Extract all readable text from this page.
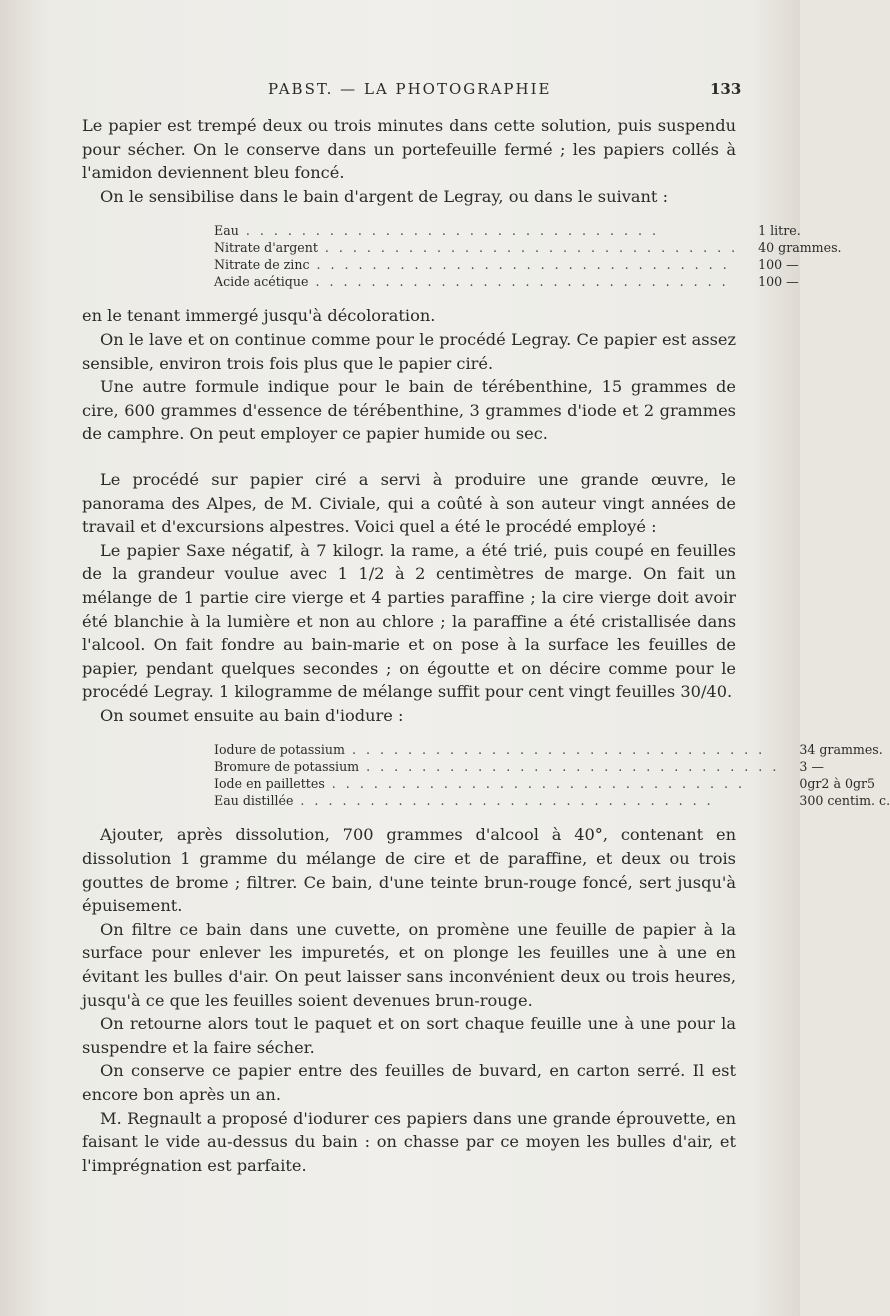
PABST. — LA PHOTOGRAPHIE	133

Le papier est trempé deux ou trois minutes dans cette solution, puis suspendu pour sécher. On le conserve dans un portefeuille fermé ; les papiers collés à l'amidon deviennent bleu foncé.

On le sensibilise dans le bain d'argent de Legray, ou dans le suivant :

Eau . . . . . . . . . . . . . . . . . . . . . . . . . . . . . .	1 litre.
Nitrate d'argent . . . . . . . . . . . . . . . . . . . . . . . . . . . . . .	40 grammes.
Nitrate de zinc . . . . . . . . . . . . . . . . . . . . . . . . . . . . . .	100 —
Acide acétique . . . . . . . . . . . . . . . . . . . . . . . . . . . . . .	100 —

en le tenant immergé jusqu'à décoloration.

On le lave et on continue comme pour le procédé Legray. Ce papier est assez sensible, environ trois fois plus que le papier ciré.

Une autre formule indique pour le bain de térébenthine, 15 grammes de cire, 600 grammes d'essence de térébenthine, 3 grammes d'iode et 2 grammes de camphre. On peut employer ce papier humide ou sec.

Le procédé sur papier ciré a servi à produire une grande œuvre, le panorama des Alpes, de M. Civiale, qui a coûté à son auteur vingt années de travail et d'excursions alpestres. Voici quel a été le procédé employé :

Le papier Saxe négatif, à 7 kilogr. la rame, a été trié, puis coupé en feuilles de la grandeur voulue avec 1 1/2 à 2 centimètres de marge. On fait un mélange de 1 partie cire vierge et 4 parties paraffine ; la cire vierge doit avoir été blanchie à la lumière et non au chlore ; la paraffine a été cristallisée dans l'alcool. On fait fondre au bain-marie et on pose à la surface les feuilles de papier, pendant quelques secondes ; on égoutte et on décire comme pour le procédé Legray. 1 kilogramme de mélange suffit pour cent vingt feuilles 30/40.

On soumet ensuite au bain d'iodure :

Iodure de potassium . . . . . . . . . . . . . . . . . . . . . . . . . . . . . .	34 grammes.
Bromure de potassium . . . . . . . . . . . . . . . . . . . . . . . . . . . . . .	3 —
Iode en paillettes . . . . . . . . . . . . . . . . . . . . . . . . . . . . . .	0gr2 à 0gr5
Eau distillée . . . . . . . . . . . . . . . . . . . . . . . . . . . . . .	300 centim. c.

Ajouter, après dissolution, 700 grammes d'alcool à 40°, contenant en dissolution 1 gramme du mélange de cire et de paraffine, et deux ou trois gouttes de brome ; filtrer. Ce bain, d'une teinte brun-rouge foncé, sert jusqu'à épuisement.

On filtre ce bain dans une cuvette, on promène une feuille de papier à la surface pour enlever les impuretés, et on plonge les feuilles une à une en évitant les bulles d'air. On peut laisser sans inconvénient deux ou trois heures, jusqu'à ce que les feuilles soient devenues brun-rouge.

On retourne alors tout le paquet et on sort chaque feuille une à une pour la suspendre et la faire sécher.

On conserve ce papier entre des feuilles de buvard, en carton serré. Il est encore bon après un an.

M. Regnault a proposé d'iodurer ces papiers dans une grande éprouvette, en faisant le vide au-dessus du bain : on chasse par ce moyen les bulles d'air, et l'imprégnation est parfaite.
